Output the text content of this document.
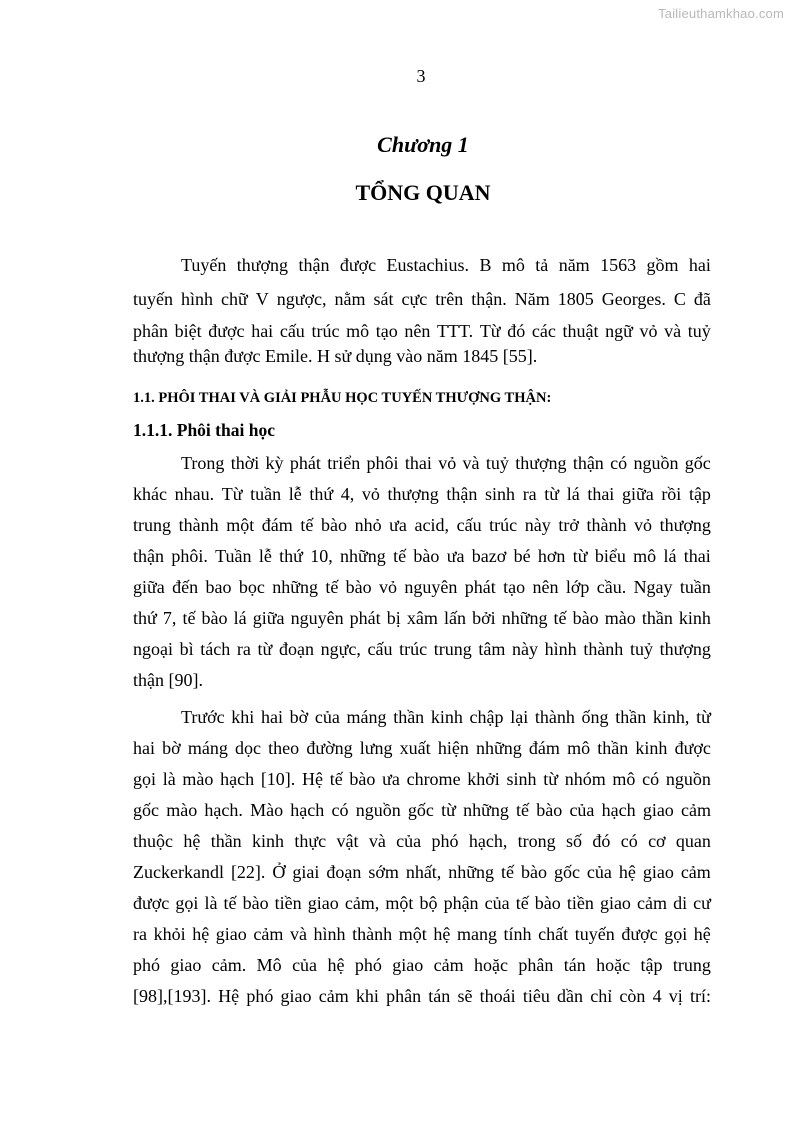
Tailieuthamkhao.com
3
Chương 1
TỔNG QUAN
Tuyến thượng thận được Eustachius. B mô tả năm 1563 gồm hai
tuyến hình chữ V ngược, nằm sát cực trên thận. Năm 1805 Georges. C đã
phân biệt được hai cấu trúc mô tạo nên TTT. Từ đó các thuật ngữ vỏ và tuỷ
thượng thận được Emile. H sử dụng vào năm 1845 [55].
1.1. PHÔI THAI VÀ GIẢI PHẪU HỌC TUYẾN THƯỢNG THẬN:
1.1.1. Phôi thai học
Trong thời kỳ phát triển phôi thai vỏ và tuỷ thượng thận có nguồn gốc
khác nhau. Từ tuần lễ thứ 4, vỏ thượng thận sinh ra từ lá thai giữa rồi tập
trung thành một đám tế bào nhỏ ưa acid, cấu trúc này trở thành vỏ thượng
thận phôi. Tuần lễ thứ 10, những tế bào ưa bazơ bé hơn từ biểu mô lá thai
giữa đến bao bọc những tế bào vỏ nguyên phát tạo nên lớp cầu. Ngay tuần
thứ 7, tế bào lá giữa nguyên phát bị xâm lấn bởi những tế bào mào thần kinh
ngoại bì tách ra từ đoạn ngực, cấu trúc trung tâm này hình thành tuỷ thượng
thận [90].
Trước khi hai bờ của máng thần kinh chập lại thành ống thần kinh, từ
hai bờ máng dọc theo đường lưng xuất hiện những đám mô thần kinh được
gọi là mào hạch [10]. Hệ tế bào ưa chrome khởi sinh từ nhóm mô có nguồn
gốc mào hạch. Mào hạch có nguồn gốc từ những tế bào của hạch giao cảm
thuộc hệ thần kinh thực vật và của phó hạch, trong số đó có cơ quan
Zuckerkandl [22]. Ở giai đoạn sớm nhất, những tế bào gốc của hệ giao cảm
được gọi là tế bào tiền giao cảm, một bộ phận của tế bào tiền giao cảm di cư
ra khỏi hệ giao cảm và hình thành một hệ mang tính chất tuyến được gọi hệ
phó giao cảm. Mô của hệ phó giao cảm hoặc phân tán hoặc tập trung
[98],[193]. Hệ phó giao cảm khi phân tán sẽ thoái tiêu dần chỉ còn 4 vị trí:
